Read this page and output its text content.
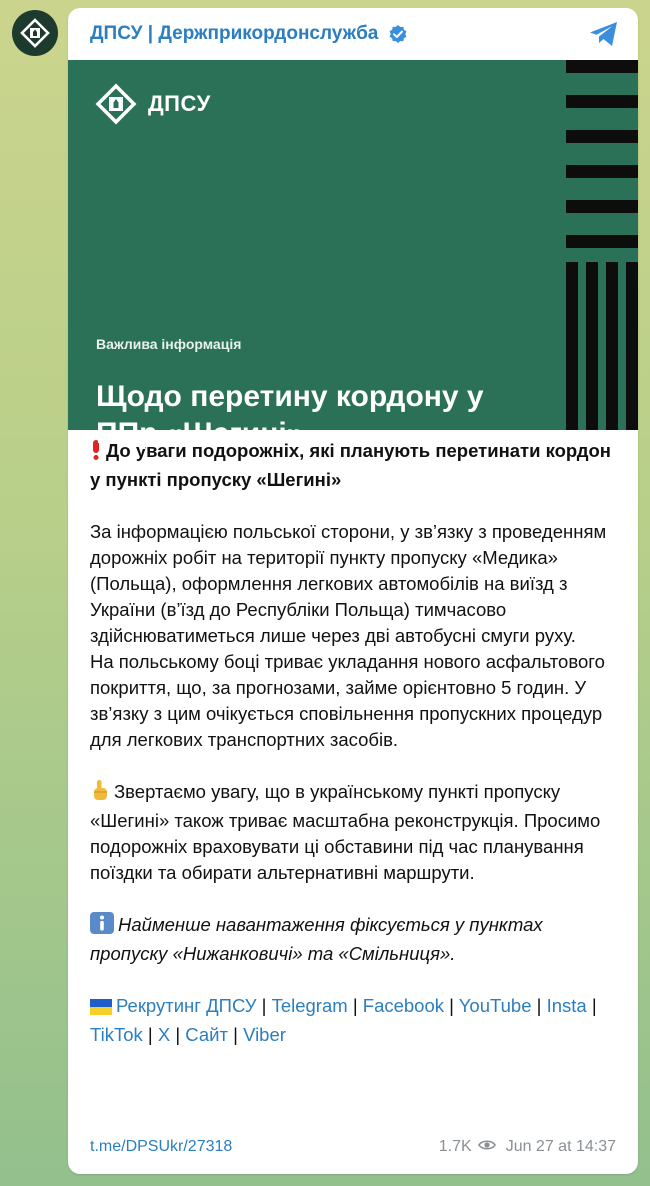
ДПСУ | Держприкордонслужба
ДПСУ
Важлива інформація
Щодо перетину кордону у ППр «Шегині»

До уваги подорожніх, які планують перетинати кордон у пункті пропуску «Шегині»

За інформацією польської сторони, у зв’язку з проведенням дорожніх робіт на території пункту пропуску «Медика» (Польща), оформлення легкових автомобілів на виїзд з України (в’їзд до Республіки Польща) тимчасово здійснюватиметься лише через дві автобусні смуги руху.

На польському боці триває укладання нового асфальтового покриття, що, за прогнозами, займе орієнтовно 5 годин. У зв’язку з цим очікується сповільнення пропускних процедур для легкових транспортних засобів.

Звертаємо увагу, що в українському пункті пропуску «Шегині» також триває масштабна реконструкція. Просимо подорожніх враховувати ці обставини під час планування поїздки та обирати альтернативні маршрути.

Найменше навантаження фіксується у пунктах пропуску «Нижанковичі» та «Смільниця».

Рекрутинг ДПСУ | Telegram | Facebook | YouTube | Insta | TikTok | X | Сайт | Viber

t.me/DPSUkr/27318	1.7K Jun 27 at 14:37
